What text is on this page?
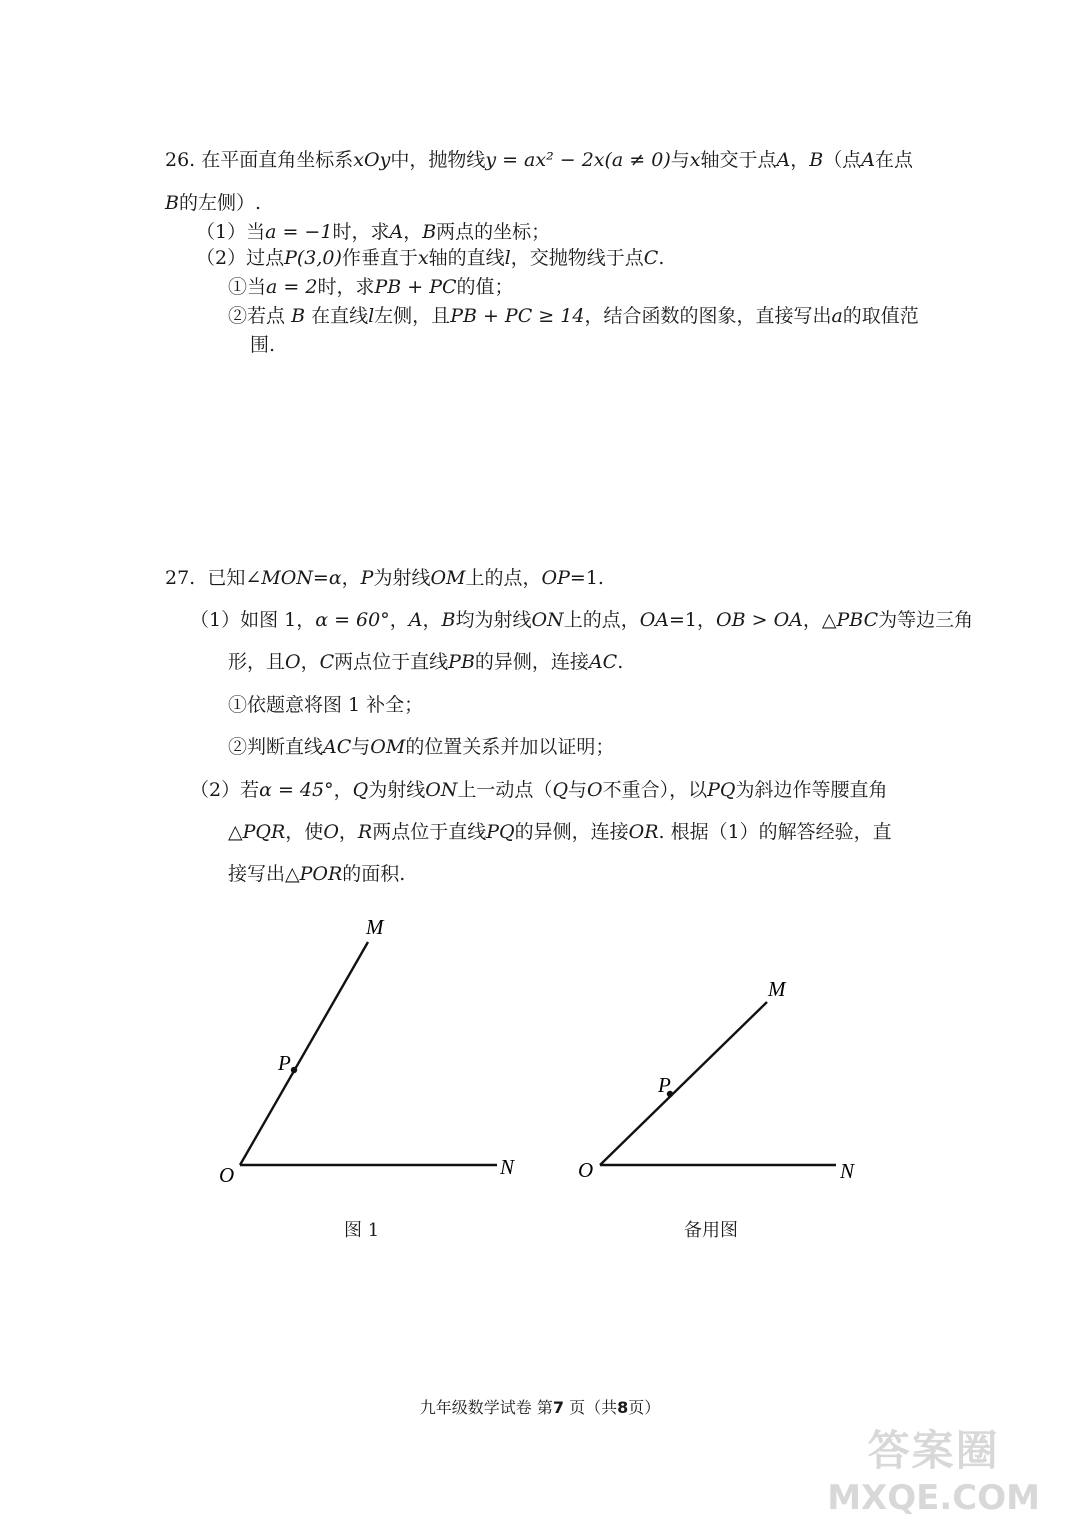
26. 在平面直角坐标系xOy中，抛物线y = ax² − 2x(a ≠ 0)与x轴交于点A，B（点A在点
B的左侧）.
（1）当a = −1时，求A，B两点的坐标；
（2）过点P(3,0)作垂直于x轴的直线l，交抛物线于点C.
①当a = 2时，求PB + PC的值；
②若点 B 在直线l左侧，且PB + PC ≥ 14，结合函数的图象，直接写出a的取值范
围.
27. 已知∠MON=α，P为射线OM上的点，OP=1.
（1）如图 1，α = 60°，A，B均为射线ON上的点，OA=1，OB > OA，△PBC为等边三角
形，且O，C两点位于直线PB的异侧，连接AC.
①依题意将图 1 补全；
②判断直线AC与OM的位置关系并加以证明；
（2）若α = 45°，Q为射线ON上一动点（Q与O不重合），以PQ为斜边作等腰直角
△PQR，使O，R两点位于直线PQ的异侧，连接OR. 根据（1）的解答经验，直
接写出△POR的面积.
M
P
O	N
M
P
O	N
图 1	备用图
九年级数学试卷 第7 页（共8页）
答案圈
MXQE.COM
